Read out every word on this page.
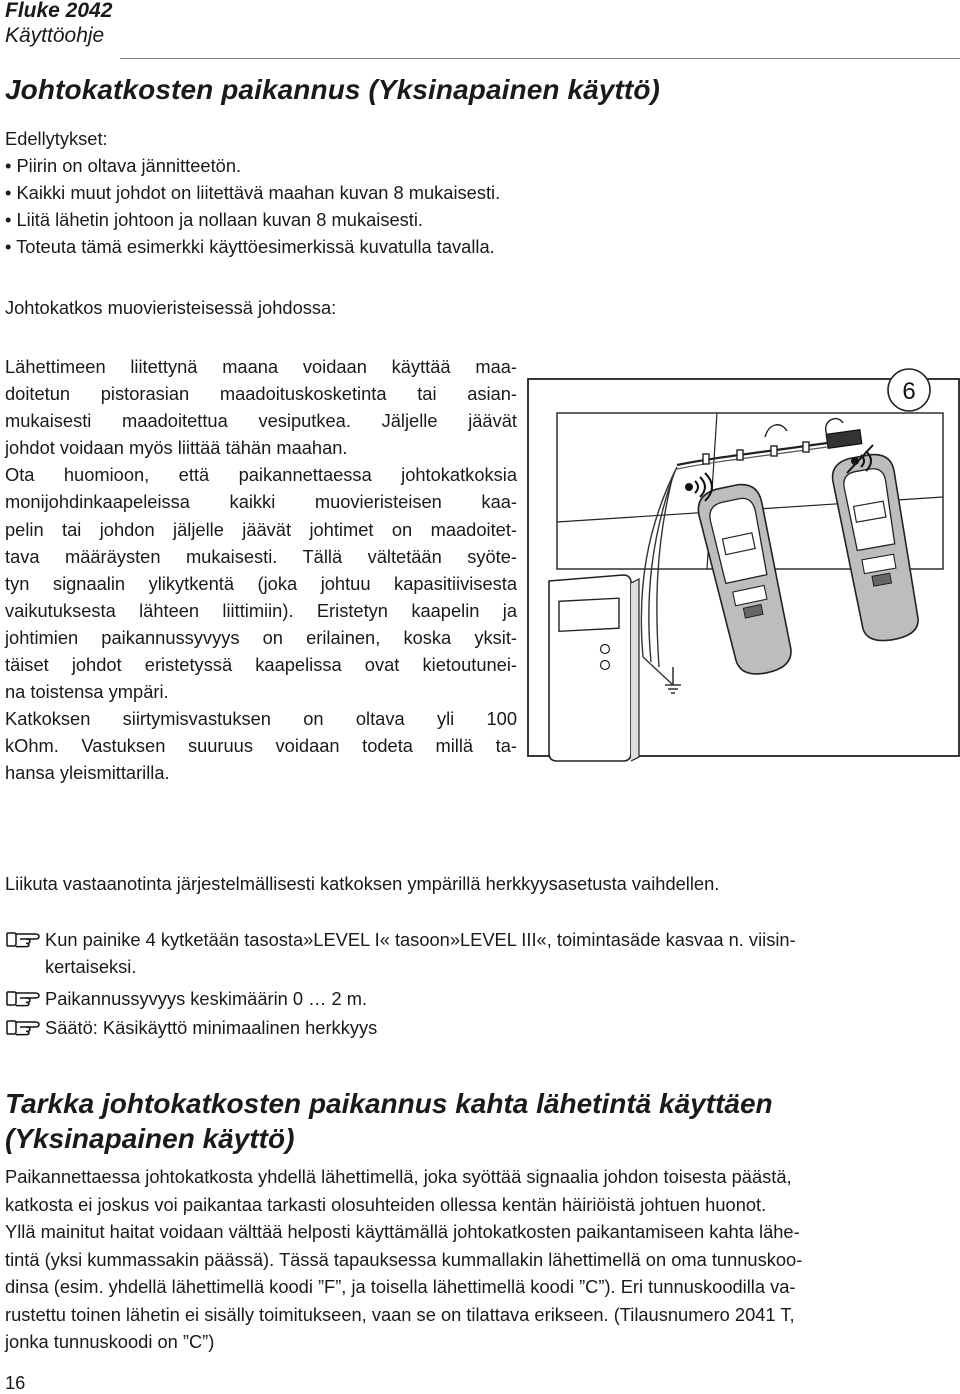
Fluke 2042
Käyttöohje
Johtokatkosten paikannus (Yksinapainen käyttö)
Edellytykset:
• Piirin on oltava jännitteetön.
• Kaikki muut johdot on liitettävä maahan kuvan 8 mukaisesti.
• Liitä lähetin johtoon ja nollaan kuvan 8 mukaisesti.
• Toteuta tämä esimerkki käyttöesimerkissä kuvatulla tavalla.
Johtokatkos muovieristeisessä johdossa:
Lähettimeen liitettynä maana voidaan käyttää maa-
doitetun pistorasian maadoituskosketinta tai asian-
mukaisesti maadoitettua vesiputkea. Jäljelle jäävät
johdot voidaan myös liittää tähän maahan.
Ota huomioon, että paikannettaessa johtokatkoksia
monijohdinkaapeleissa kaikki muovieristeisen kaa-
pelin tai johdon jäljelle jäävät johtimet on maadoitet-
tava määräysten mukaisesti. Tällä vältetään syöte-
tyn signaalin ylikytkentä (joka johtuu kapasitiivisesta
vaikutuksesta lähteen liittimiin). Eristetyn kaapelin ja
johtimien paikannussyvyys on erilainen, koska yksit-
täiset johdot eristetyssä kaapelissa ovat kietoutunei-
na toistensa ympäri.
Katkoksen siirtymisvastuksen on oltava yli 100
kOhm. Vastuksen suuruus voidaan todeta millä ta-
hansa yleismittarilla.
6
Liikuta vastaanotinta järjestelmällisesti katkoksen ympärillä herkkyysasetusta vaihdellen.
Kun painike 4 kytketään tasosta»LEVEL I« tasoon»LEVEL III«, toimintasäde kasvaa n. viisin-
kertaiseksi.
Paikannussyvyys keskimäärin 0 … 2 m.
Säätö: Käsikäyttö minimaalinen herkkyys
Tarkka johtokatkosten paikannus kahta lähetintä käyttäen
(Yksinapainen käyttö)
Paikannettaessa johtokatkosta yhdellä lähettimellä, joka syöttää signaalia johdon toisesta päästä,
katkosta ei joskus voi paikantaa tarkasti olosuhteiden ollessa kentän häiriöistä johtuen huonot.
Yllä mainitut haitat voidaan välttää helposti käyttämällä johtokatkosten paikantamiseen kahta lähe-
tintä (yksi kummassakin päässä). Tässä tapauksessa kummallakin lähettimellä on oma tunnuskoo-
dinsa (esim. yhdellä lähettimellä koodi ”F”, ja toisella lähettimellä koodi ”C”). Eri tunnuskoodilla va-
rustettu toinen lähetin ei sisälly toimitukseen, vaan se on tilattava erikseen. (Tilausnumero 2041 T,
jonka tunnuskoodi on ”C”)
16
